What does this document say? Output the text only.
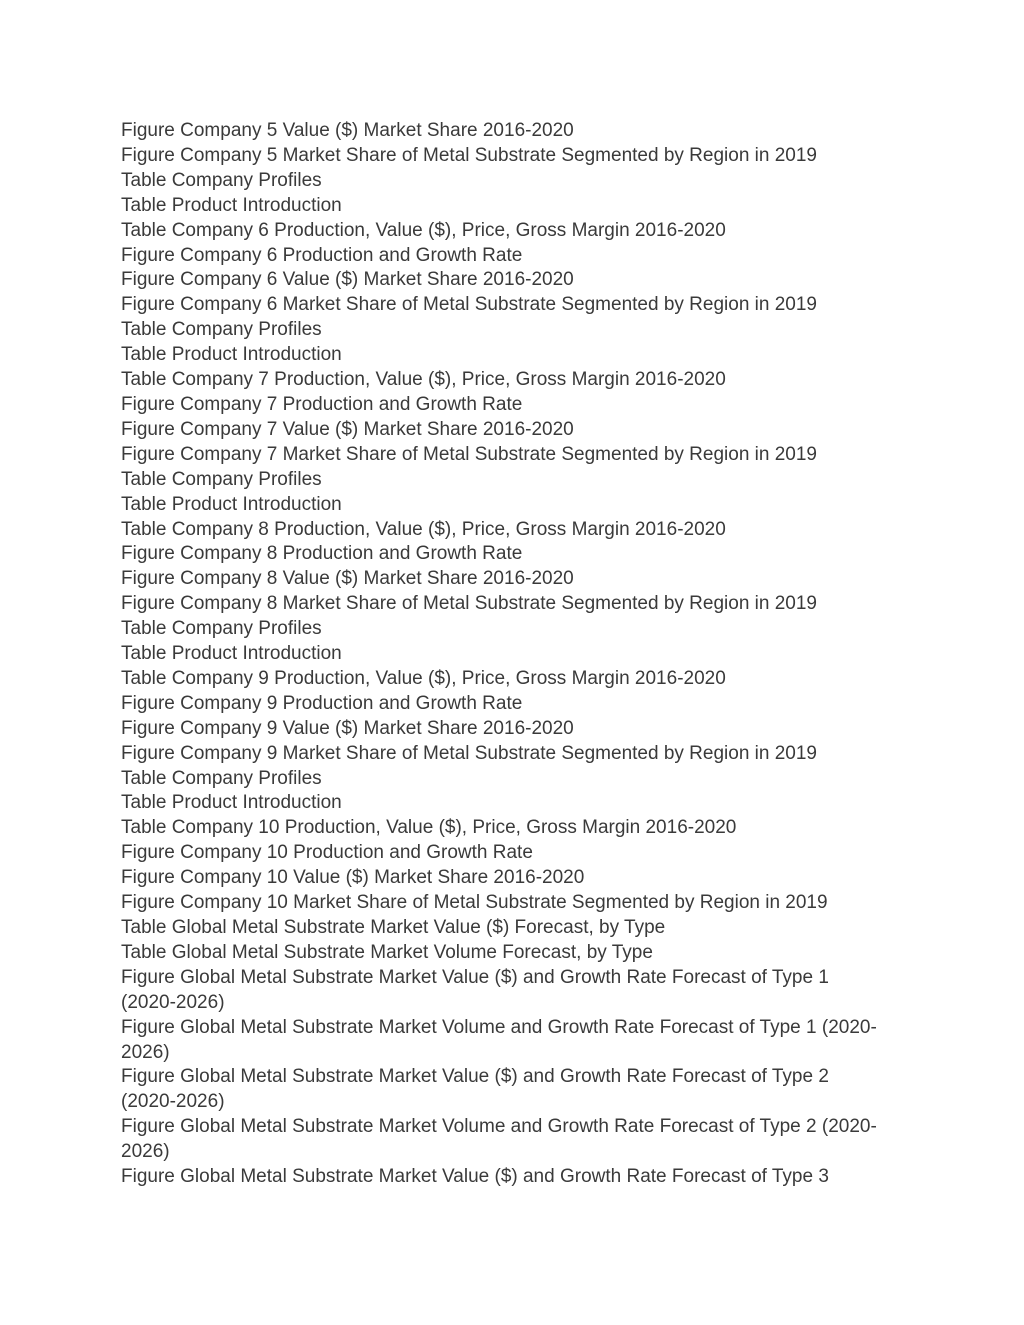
Figure Company 5 Value ($) Market Share 2016-2020
Figure Company 5 Market Share of Metal Substrate Segmented by Region in 2019
Table Company Profiles
Table Product Introduction
Table Company 6 Production, Value ($), Price, Gross Margin 2016-2020
Figure Company 6 Production and Growth Rate
Figure Company 6 Value ($) Market Share 2016-2020
Figure Company 6 Market Share of Metal Substrate Segmented by Region in 2019
Table Company Profiles
Table Product Introduction
Table Company 7 Production, Value ($), Price, Gross Margin 2016-2020
Figure Company 7 Production and Growth Rate
Figure Company 7 Value ($) Market Share 2016-2020
Figure Company 7 Market Share of Metal Substrate Segmented by Region in 2019
Table Company Profiles
Table Product Introduction
Table Company 8 Production, Value ($), Price, Gross Margin 2016-2020
Figure Company 8 Production and Growth Rate
Figure Company 8 Value ($) Market Share 2016-2020
Figure Company 8 Market Share of Metal Substrate Segmented by Region in 2019
Table Company Profiles
Table Product Introduction
Table Company 9 Production, Value ($), Price, Gross Margin 2016-2020
Figure Company 9 Production and Growth Rate
Figure Company 9 Value ($) Market Share 2016-2020
Figure Company 9 Market Share of Metal Substrate Segmented by Region in 2019
Table Company Profiles
Table Product Introduction
Table Company 10 Production, Value ($), Price, Gross Margin 2016-2020
Figure Company 10 Production and Growth Rate
Figure Company 10 Value ($) Market Share 2016-2020
Figure Company 10 Market Share of Metal Substrate Segmented by Region in 2019
Table Global Metal Substrate Market Value ($) Forecast, by Type
Table Global Metal Substrate Market Volume Forecast, by Type
Figure Global Metal Substrate Market Value ($) and Growth Rate Forecast of Type 1 (2020-2026)
Figure Global Metal Substrate Market Volume and Growth Rate Forecast of Type 1 (2020-2026)
Figure Global Metal Substrate Market Value ($) and Growth Rate Forecast of Type 2 (2020-2026)
Figure Global Metal Substrate Market Volume and Growth Rate Forecast of Type 2 (2020-2026)
Figure Global Metal Substrate Market Value ($) and Growth Rate Forecast of Type 3
